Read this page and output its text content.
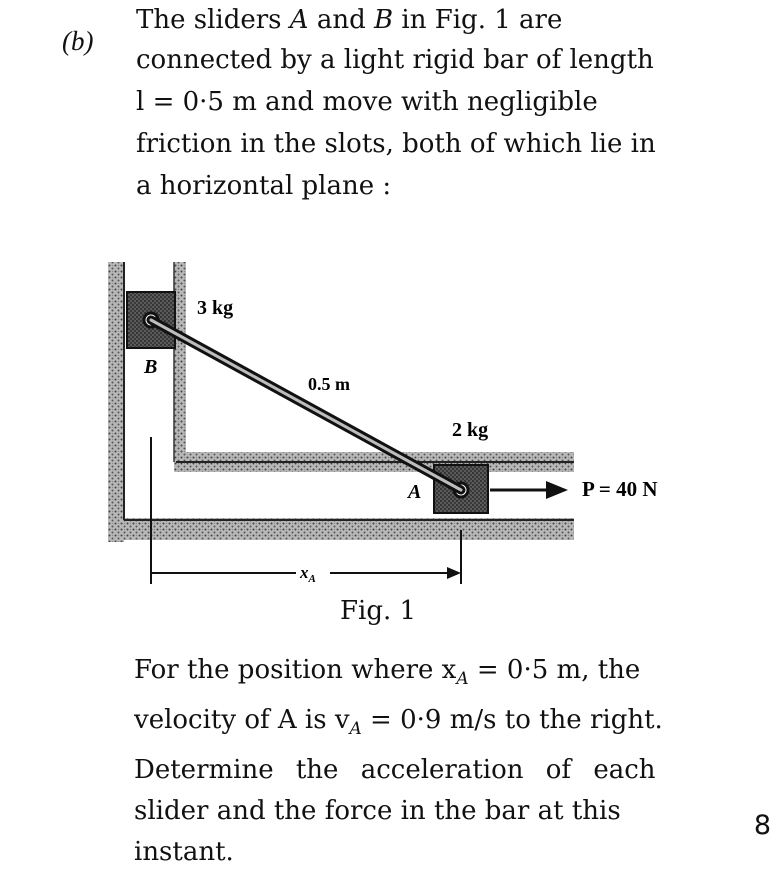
(b)
The sliders A and B in Fig. 1 are
connected by a light rigid bar of length
l = 0·5 m and move with negligible
friction in the slots, both of which lie in
a horizontal plane :
3 kg
B
0.5 m
2 kg
A	P = 40 N
$x_A$
Fig. 1
For the position where $x_A = 0\cdot 5$ m, the
velocity of A is $v_A = 0\cdot 9$ m/s to the right.
Determine the acceleration of each
slider and the force in the bar at this
instant.
8
